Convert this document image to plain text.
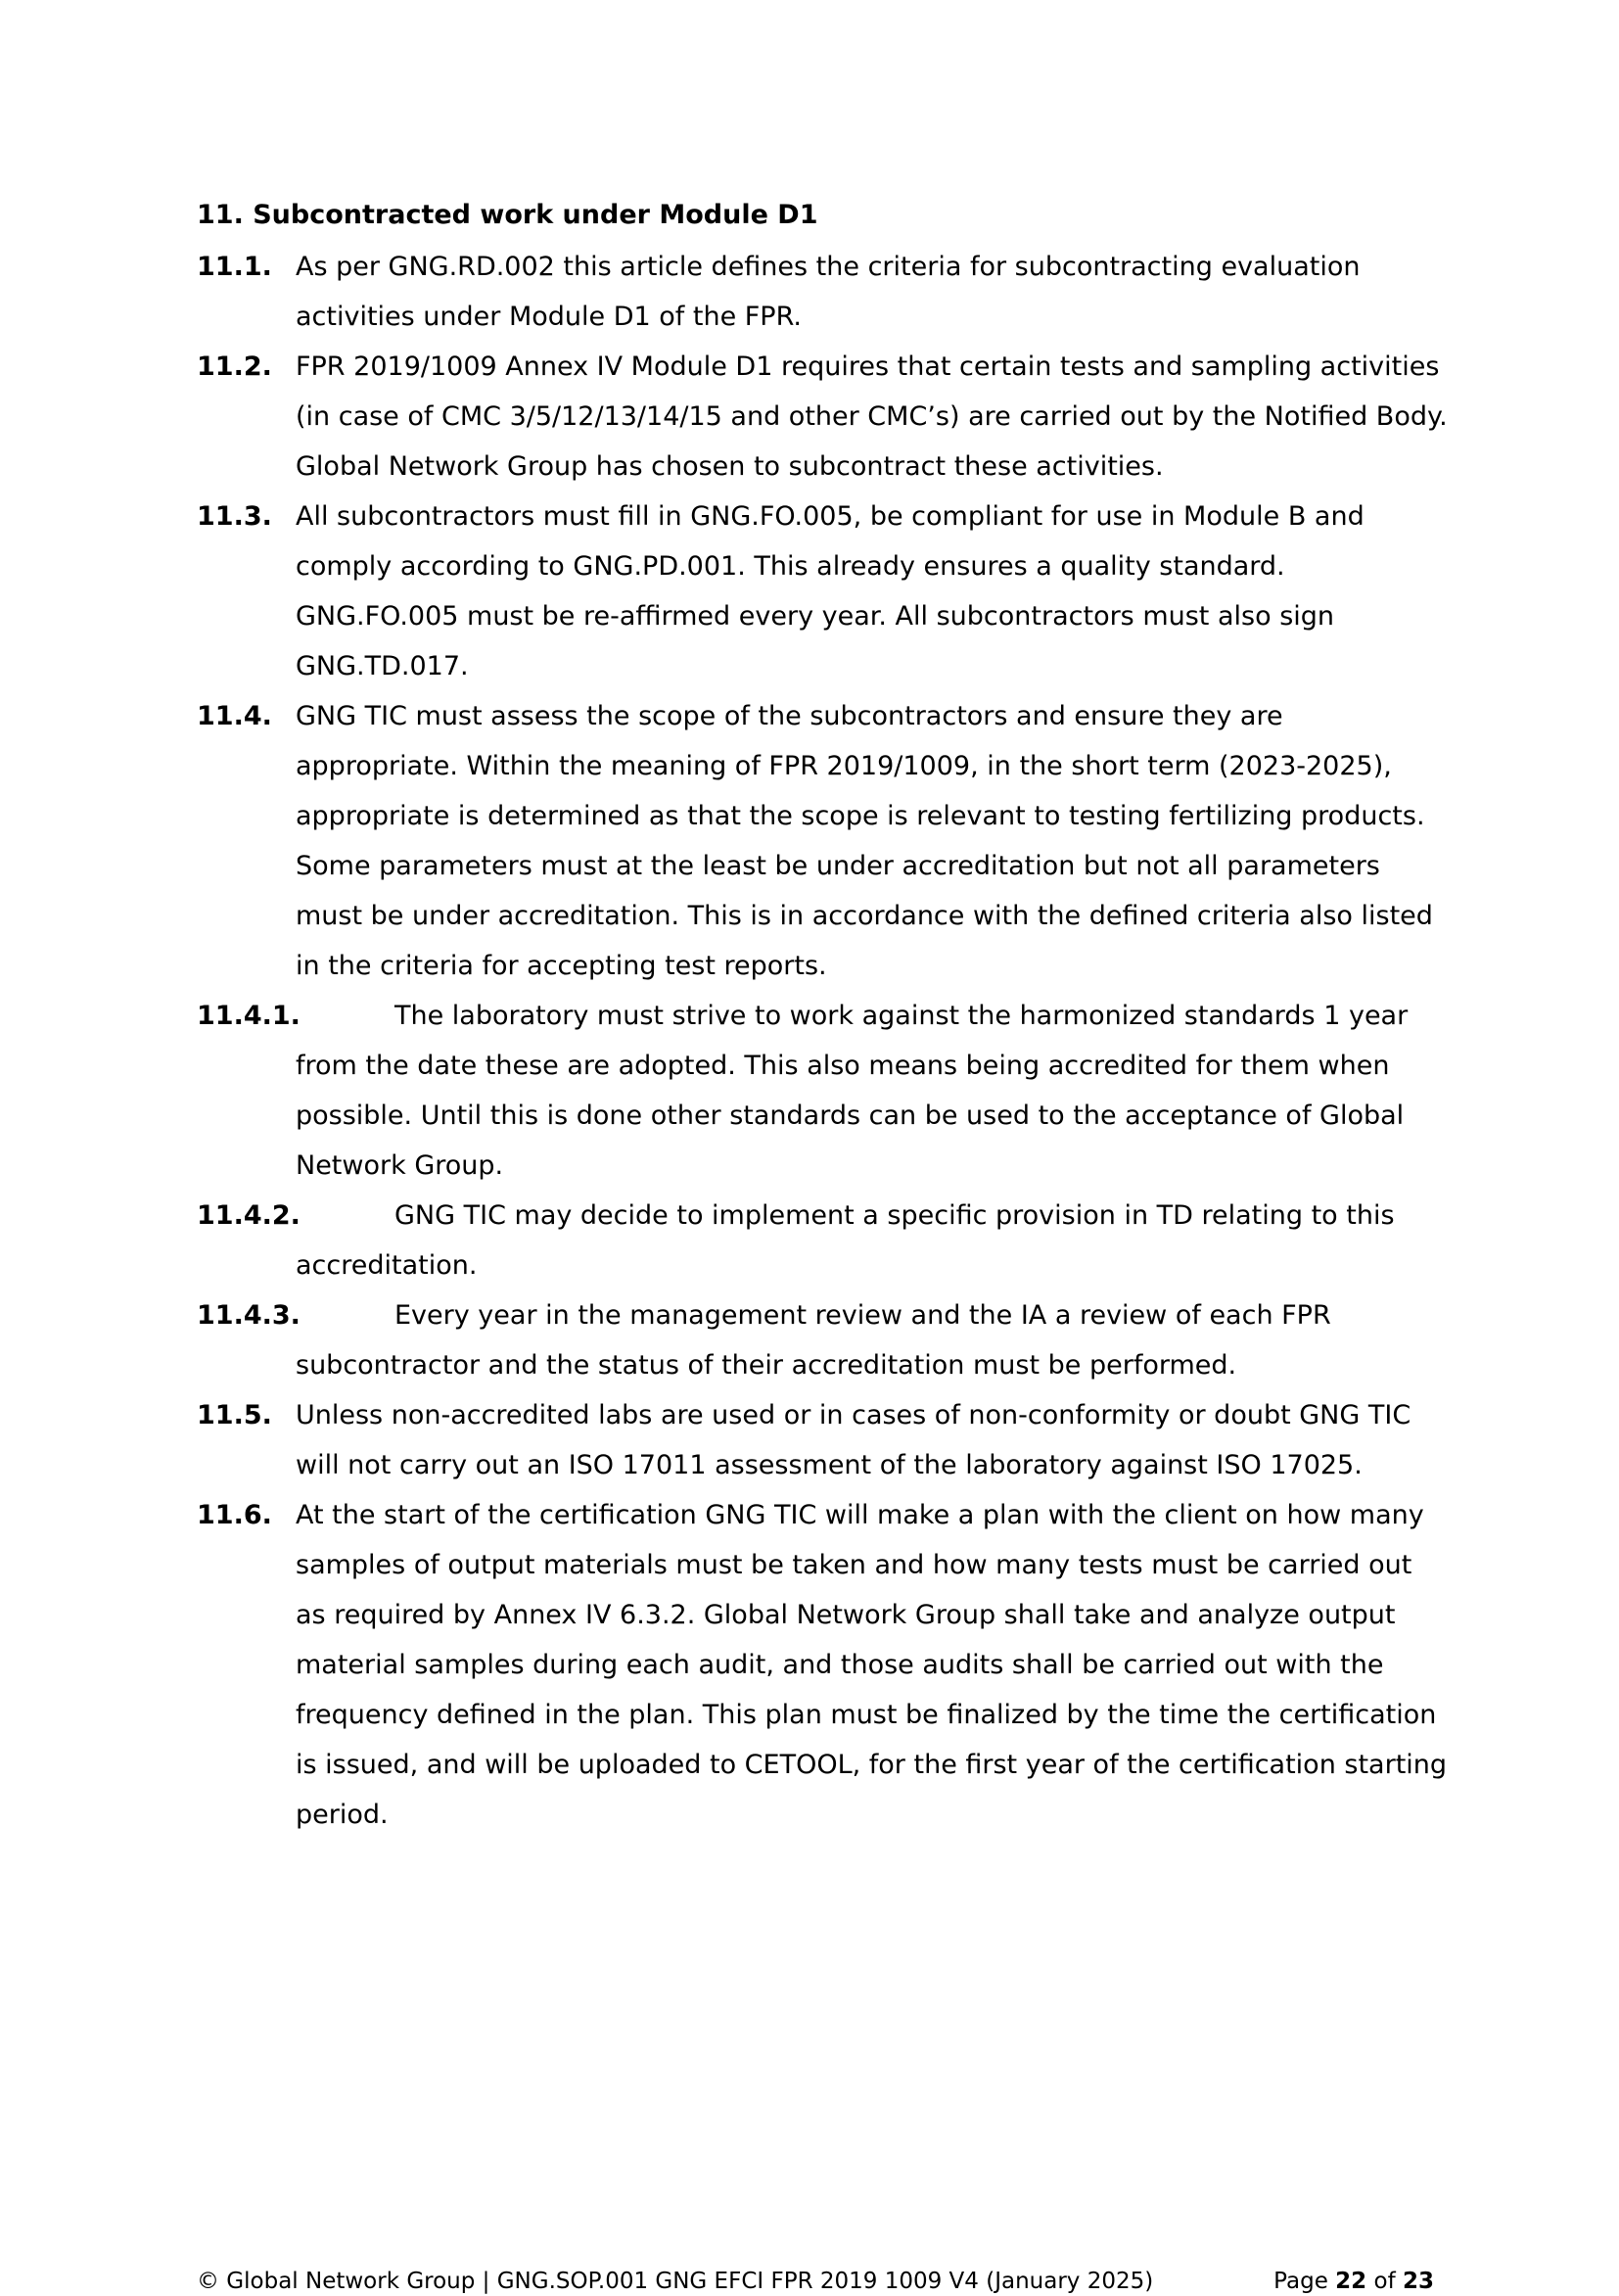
11. Subcontracted work under Module D1
11.1. As per GNG.RD.002 this article defines the criteria for subcontracting evaluation activities under Module D1 of the FPR.
11.2. FPR 2019/1009 Annex IV Module D1 requires that certain tests and sampling activities (in case of CMC 3/5/12/13/14/15 and other CMC’s) are carried out by the Notified Body. Global Network Group has chosen to subcontract these activities.
11.3. All subcontractors must fill in GNG.FO.005, be compliant for use in Module B and comply according to GNG.PD.001. This already ensures a quality standard. GNG.FO.005 must be re-affirmed every year. All subcontractors must also sign GNG.TD.017.
11.4. GNG TIC must assess the scope of the subcontractors and ensure they are appropriate. Within the meaning of FPR 2019/1009, in the short term (2023-2025), appropriate is determined as that the scope is relevant to testing fertilizing products. Some parameters must at the least be under accreditation but not all parameters must be under accreditation. This is in accordance with the defined criteria also listed in the criteria for accepting test reports.
11.4.1.	The laboratory must strive to work against the harmonized standards 1 year from the date these are adopted. This also means being accredited for them when possible. Until this is done other standards can be used to the acceptance of Global Network Group.
11.4.2.	GNG TIC may decide to implement a specific provision in TD relating to this accreditation.
11.4.3.	Every year in the management review and the IA a review of each FPR subcontractor and the status of their accreditation must be performed.
11.5. Unless non-accredited labs are used or in cases of non-conformity or doubt GNG TIC will not carry out an ISO 17011 assessment of the laboratory against ISO 17025.
11.6. At the start of the certification GNG TIC will make a plan with the client on how many samples of output materials must be taken and how many tests must be carried out as required by Annex IV 6.3.2. Global Network Group shall take and analyze output material samples during each audit, and those audits shall be carried out with the frequency defined in the plan. This plan must be finalized by the time the certification is issued, and will be uploaded to CETOOL, for the first year of the certification starting period.
© Global Network Group | GNG.SOP.001 GNG EFCI FPR 2019 1009 V4 (January 2025)	Page 22 of 23
